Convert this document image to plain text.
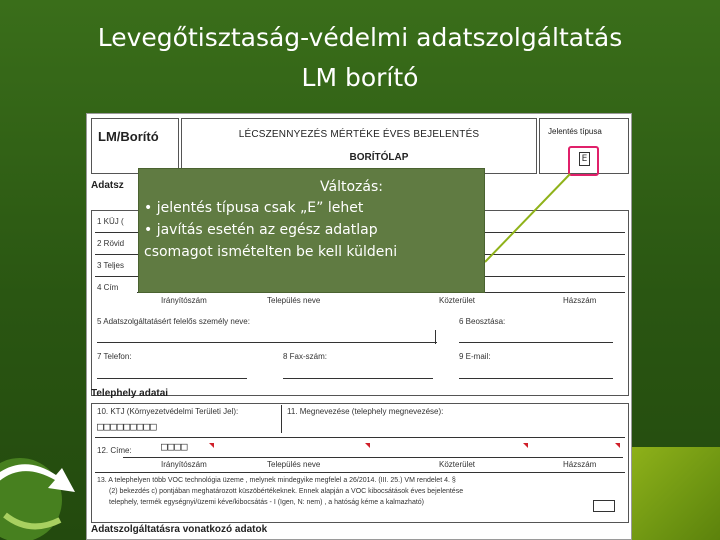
Levegőtisztaság-védelmi adatszolgáltatás
LM borító
LM/Borító	LÉCSZENNYEZÉS MÉRTÉKE ÉVES BEJELENTÉS
BORÍTÓLAP
Jelentés típusa
Adatsz
1 KÜJ (
2 Rövid
3 Teljes
4 Cím
Irányítószám	Település neve	Közterület	Házszám
5 Adatszolgáltatásért felelős személy neve:	6 Beosztása:
7 Telefon:	8 Fax-szám:	9 E-mail:
Telephely adatai
10. KTJ (Környezetvédelmi Területi Jel):
□□□□□□□□□
11. Megnevezése (telephely megnevezése):
12. Címe:	□□□□
Irányítószám	Település neve	Közterület	Házszám
13. A telephelyen több VOC technológia üzeme , melynek mindegyike megfelel a 26/2014. (III. 25.) VM rendelet 4. §
(2) bekezdés c) pontjában meghatározott küszöbértékeknek. Ennek alapján a VOC kibocsátások éves bejelentése
telephely, termék egységnyi/üzemi kéve/kibocsátás - I (Igen, N: nem) , a hatóság kéme a kalmazható)
Adatszolgáltatásra vonatkozó adatok
E
Változás:
• jelentés típusa csak „E” lehet
• javítás esetén az egész adatlap
csomagot ismételten be kell küldeni
